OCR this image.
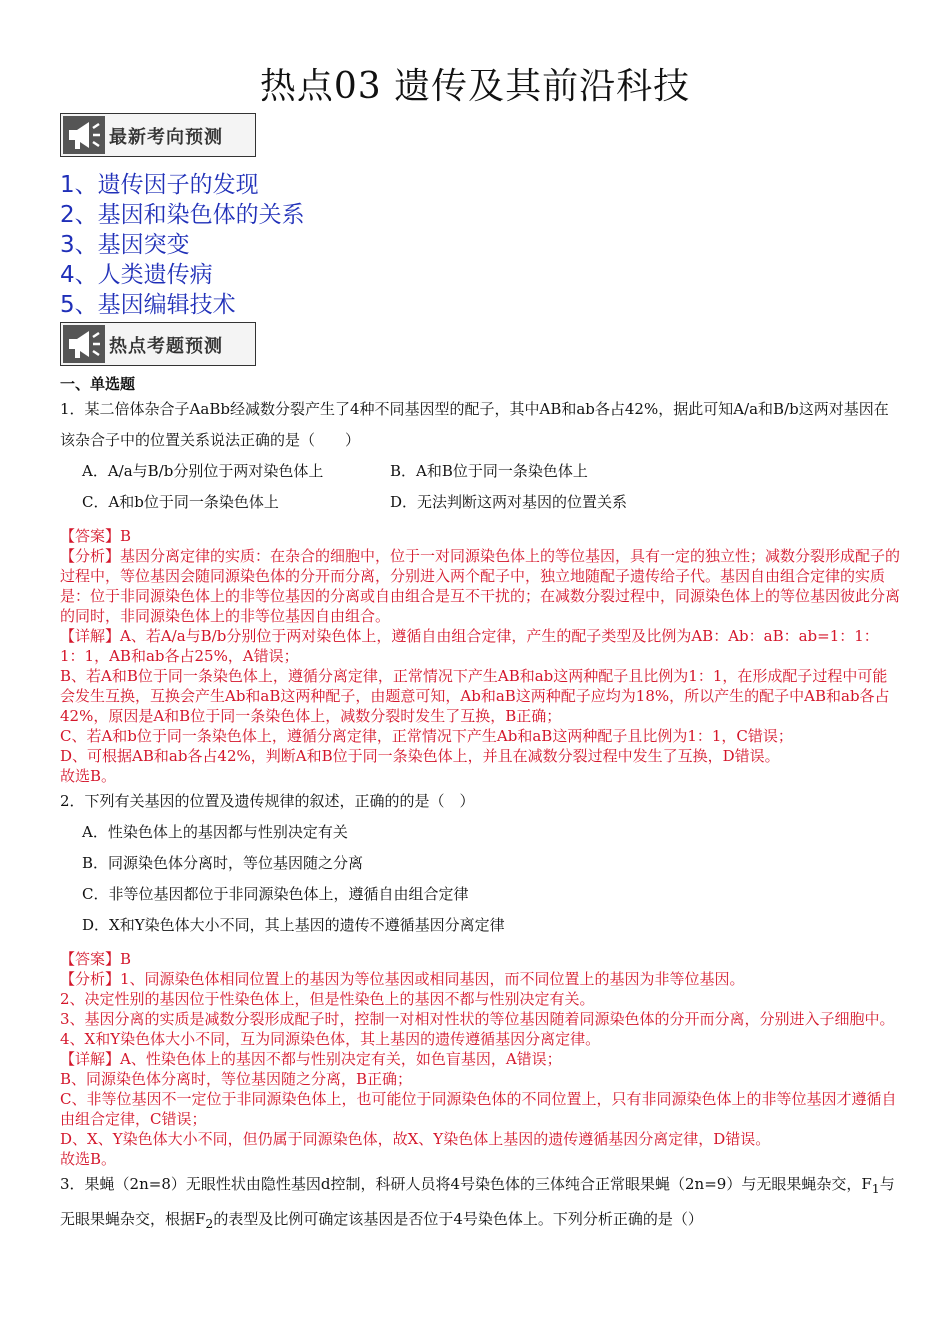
热点03 遗传及其前沿科技
最新考向预测
1、遗传因子的发现
2、基因和染色体的关系
3、基因突变
4、人类遗传病
5、基因编辑技术
热点考题预测
一、单选题
1．某二倍体杂合子AaBb经减数分裂产生了4种不同基因型的配子，其中AB和ab各占42%，据此可知A/a和B/b这两对基因在该杂合子中的位置关系说法正确的是（　　）
A．A/a与B/b分别位于两对染色体上	B．A和B位于同一条染色体上
C．A和b位于同一条染色体上	D．无法判断这两对基因的位置关系

【答案】B

【分析】基因分离定律的实质：在杂合的细胞中，位于一对同源染色体上的等位基因，具有一定的独立性；减数分裂形成配子的过程中，等位基因会随同源染色体的分开而分离，分别进入两个配子中，独立地随配子遗传给子代。基因自由组合定律的实质是：位于非同源染色体上的非等位基因的分离或自由组合是互不干扰的；在减数分裂过程中，同源染色体上的等位基因彼此分离的同时，非同源染色体上的非等位基因自由组合。

【详解】A、若A/a与B/b分别位于两对染色体上，遵循自由组合定律，产生的配子类型及比例为AB：Ab：aB：ab=1：1：1：1，AB和ab各占25%，A错误；

B、若A和B位于同一条染色体上，遵循分离定律，正常情况下产生AB和ab这两种配子且比例为1：1，在形成配子过程中可能会发生互换，互换会产生Ab和aB这两种配子，由题意可知，Ab和aB这两种配子应均为18%，所以产生的配子中AB和ab各占42%，原因是A和B位于同一条染色体上，减数分裂时发生了互换，B正确；

C、若A和b位于同一条染色体上，遵循分离定律，正常情况下产生Ab和aB这两种配子且比例为1：1，C错误；

D、可根据AB和ab各占42%，判断A和B位于同一条染色体上，并且在减数分裂过程中发生了互换，D错误。

故选B。

2．下列有关基因的位置及遗传规律的叙述，正确的的是（　）
A．性染色体上的基因都与性别决定有关
B．同源染色体分离时，等位基因随之分离
C．非等位基因都位于非同源染色体上，遵循自由组合定律
D．X和Y染色体大小不同，其上基因的遗传不遵循基因分离定律

【答案】B

【分析】1、同源染色体相同位置上的基因为等位基因或相同基因，而不同位置上的基因为非等位基因。

2、决定性别的基因位于性染色体上，但是性染色上的基因不都与性别决定有关。

3、基因分离的实质是减数分裂形成配子时，控制一对相对性状的等位基因随着同源染色体的分开而分离，分别进入子细胞中。

4、X和Y染色体大小不同，互为同源染色体，其上基因的遗传遵循基因分离定律。

【详解】A、性染色体上的基因不都与性别决定有关，如色盲基因，A错误；

B、同源染色体分离时，等位基因随之分离，B正确；

C、非等位基因不一定位于非同源染色体上，也可能位于同源染色体的不同位置上，只有非同源染色体上的非等位基因才遵循自由组合定律，C错误；

D、X、Y染色体大小不同，但仍属于同源染色体，故X、Y染色体上基因的遗传遵循基因分离定律，D错误。

故选B。

3．果蝇（2n=8）无眼性状由隐性基因d控制，科研人员将4号染色体的三体纯合正常眼果蝇（2n=9）与无眼果蝇杂交，$F_1$与无眼果蝇杂交，根据$F_2$的表型及比例可确定该基因是否位于4号染色体上。下列分析正确的是（）
